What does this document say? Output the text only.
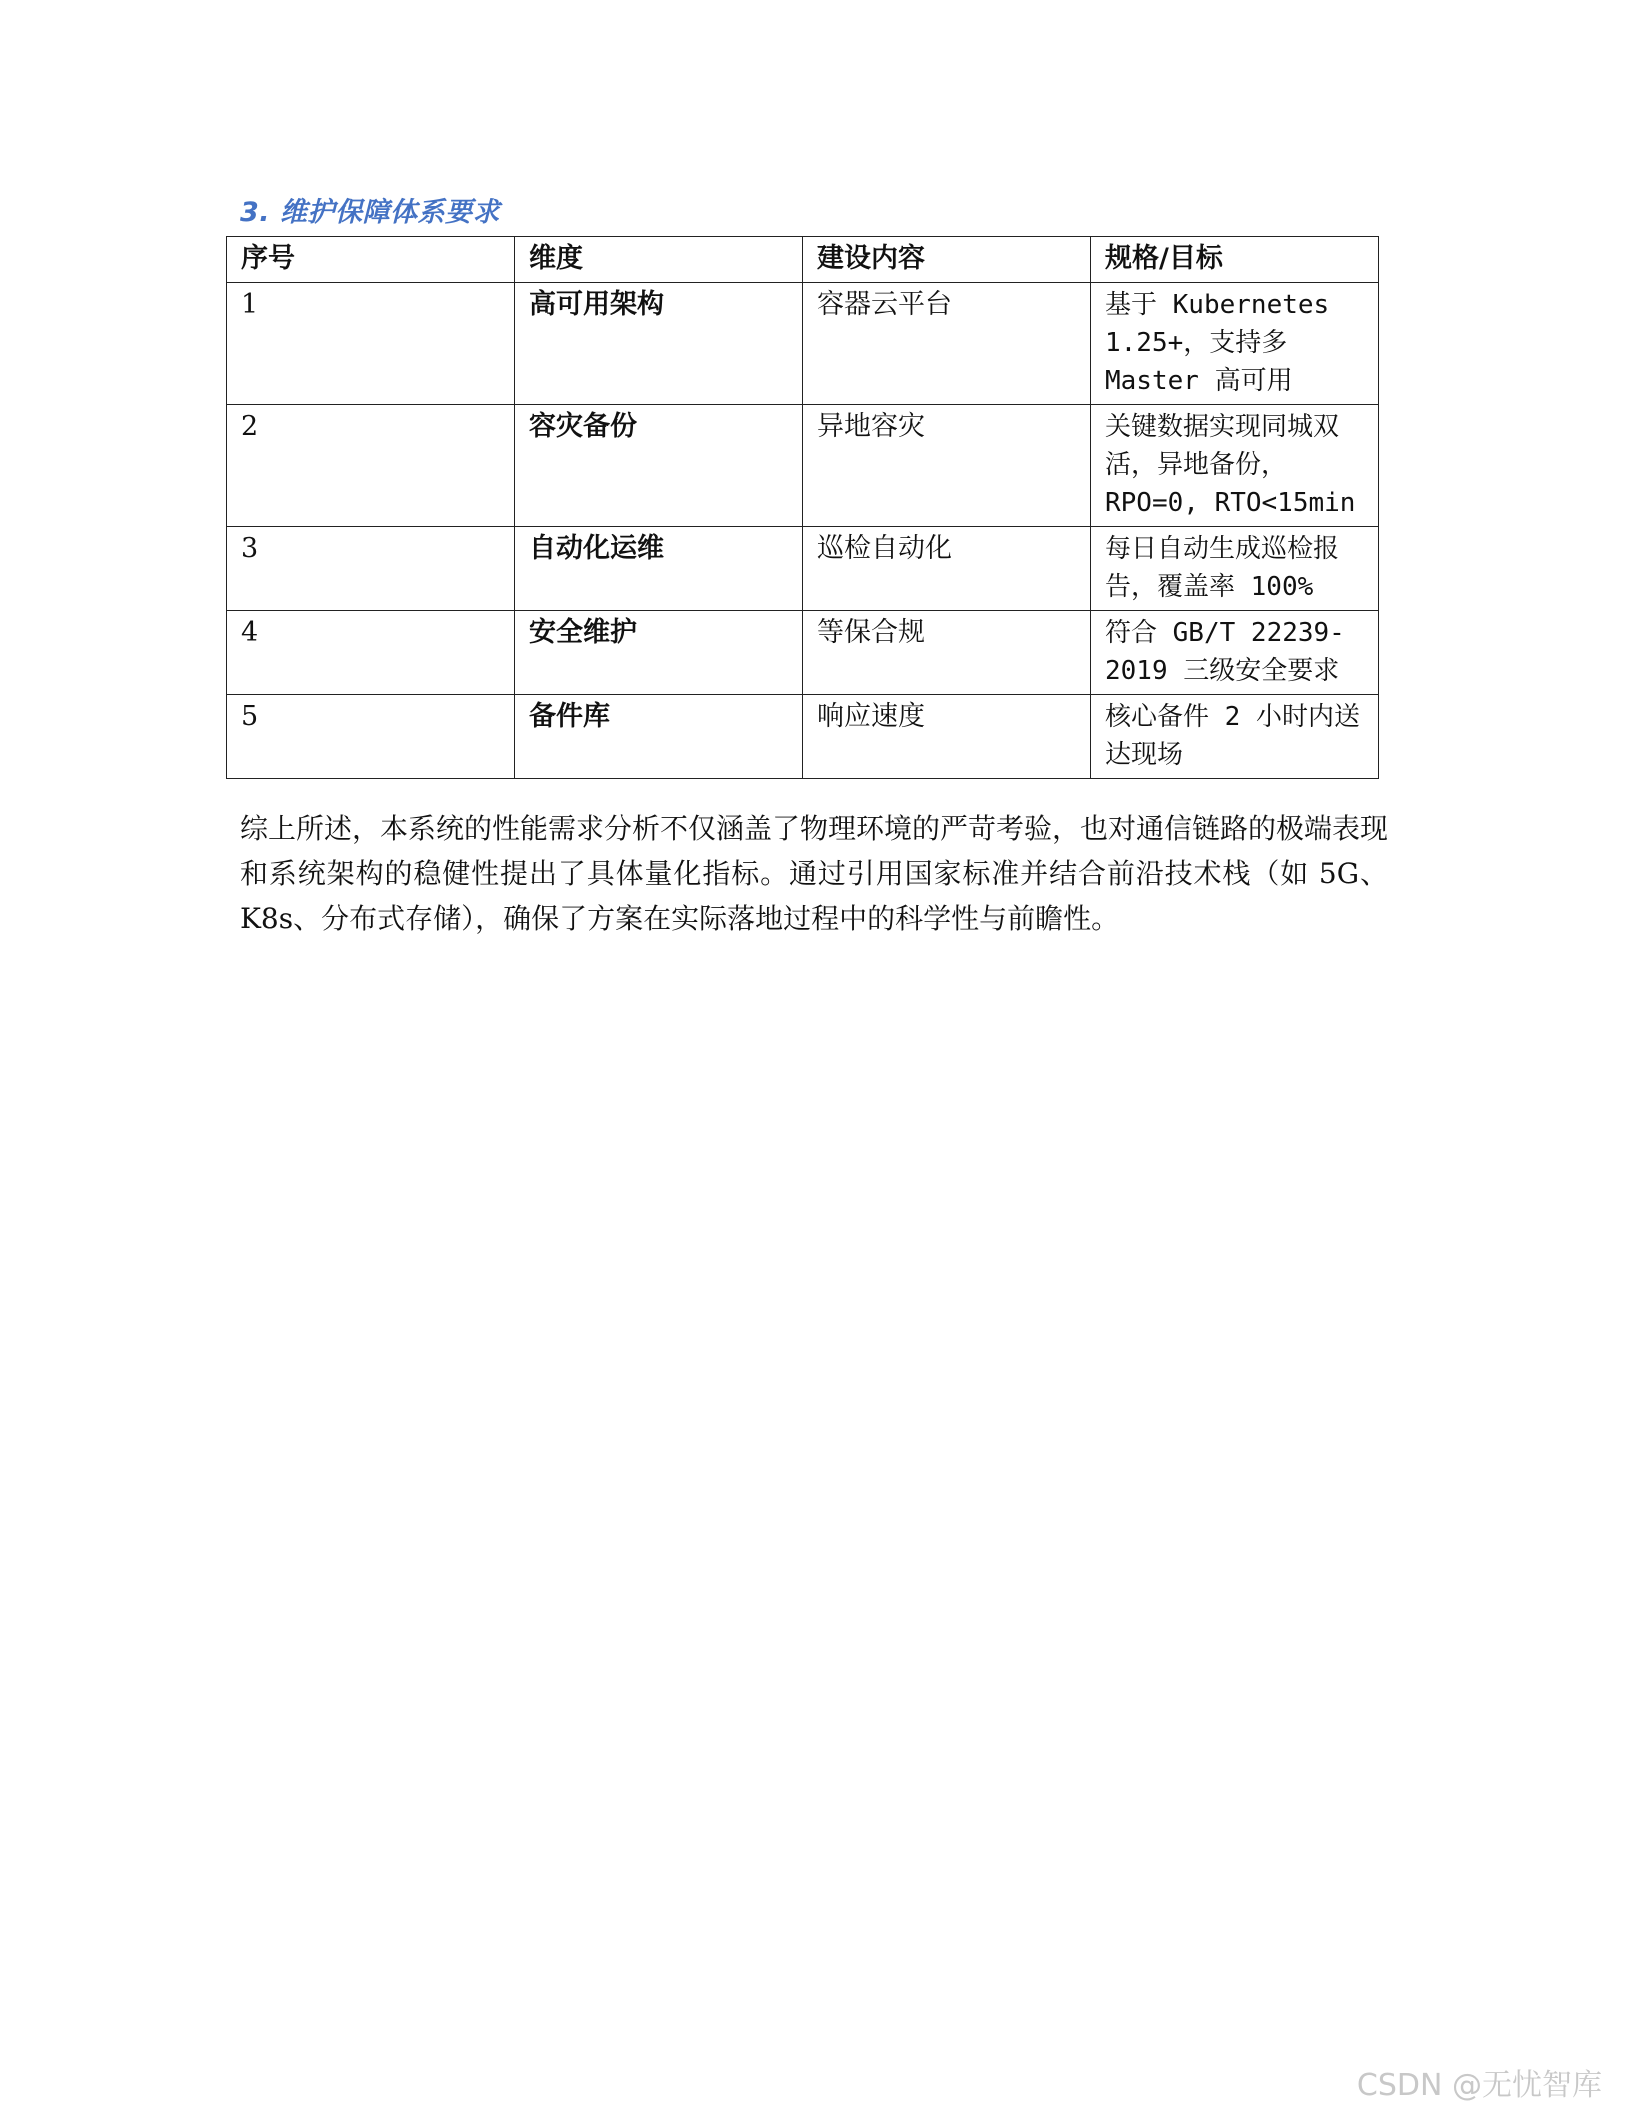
3. 维护保障体系要求
序号	维度	建设内容	规格/目标
1	高可用架构	容器云平台	基于 Kubernetes 1.25+，支持多 Master 高可用
2	容灾备份	异地容灾	关键数据实现同城双活，异地备份，RPO=0, RTO<15min
3	自动化运维	巡检自动化	每日自动生成巡检报告，覆盖率 100%
4	安全维护	等保合规	符合 GB/T 22239-2019 三级安全要求
5	备件库	响应速度	核心备件 2 小时内送达现场

综上所述，本系统的性能需求分析不仅涵盖了物理环境的严苛考验，也对通信链路的极端表现和系统架构的稳健性提出了具体量化指标。通过引用国家标准并结合前沿技术栈（如 5G、K8s、分布式存储），确保了方案在实际落地过程中的科学性与前瞻性。

CSDN @无忧智库
